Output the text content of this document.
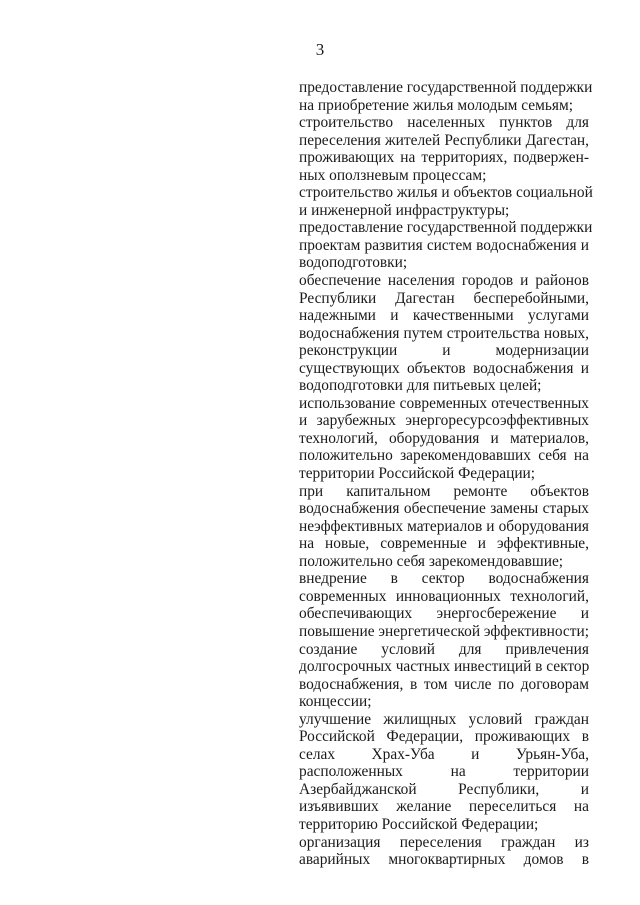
3
предоставление государственной поддержки
на приобретение жилья молодым семьям;
строительство населенных пунктов для
переселения жителей Республики Дагестан,
проживающих на территориях, подвержен-
ных оползневым процессам;
строительство жилья и объектов социальной
и инженерной инфраструктуры;
предоставление государственной поддержки
проектам развития систем водоснабжения и
водоподготовки;
обеспечение населения городов и районов
Республики Дагестан бесперебойными,
надежными и качественными услугами
водоснабжения путем строительства новых,
реконструкции и модернизации
существующих объектов водоснабжения и
водоподготовки для питьевых целей;
использование современных отечественных
и зарубежных энергоресурсоэффективных
технологий, оборудования и материалов,
положительно зарекомендовавших себя на
территории Российской Федерации;
при капитальном ремонте объектов
водоснабжения обеспечение замены старых
неэффективных материалов и оборудования
на новые, современные и эффективные,
положительно себя зарекомендовавшие;
внедрение в сектор водоснабжения
современных инновационных технологий,
обеспечивающих энергосбережение и
повышение энергетической эффективности;
создание условий для привлечения
долгосрочных частных инвестиций в сектор
водоснабжения, в том числе по договорам
концессии;
улучшение жилищных условий граждан
Российской Федерации, проживающих в
селах Храх-Уба и Урьян-Уба,
расположенных на территории
Азербайджанской Республики, и
изъявивших желание переселиться на
территорию Российской Федерации;
организация переселения граждан из
аварийных многоквартирных домов в
